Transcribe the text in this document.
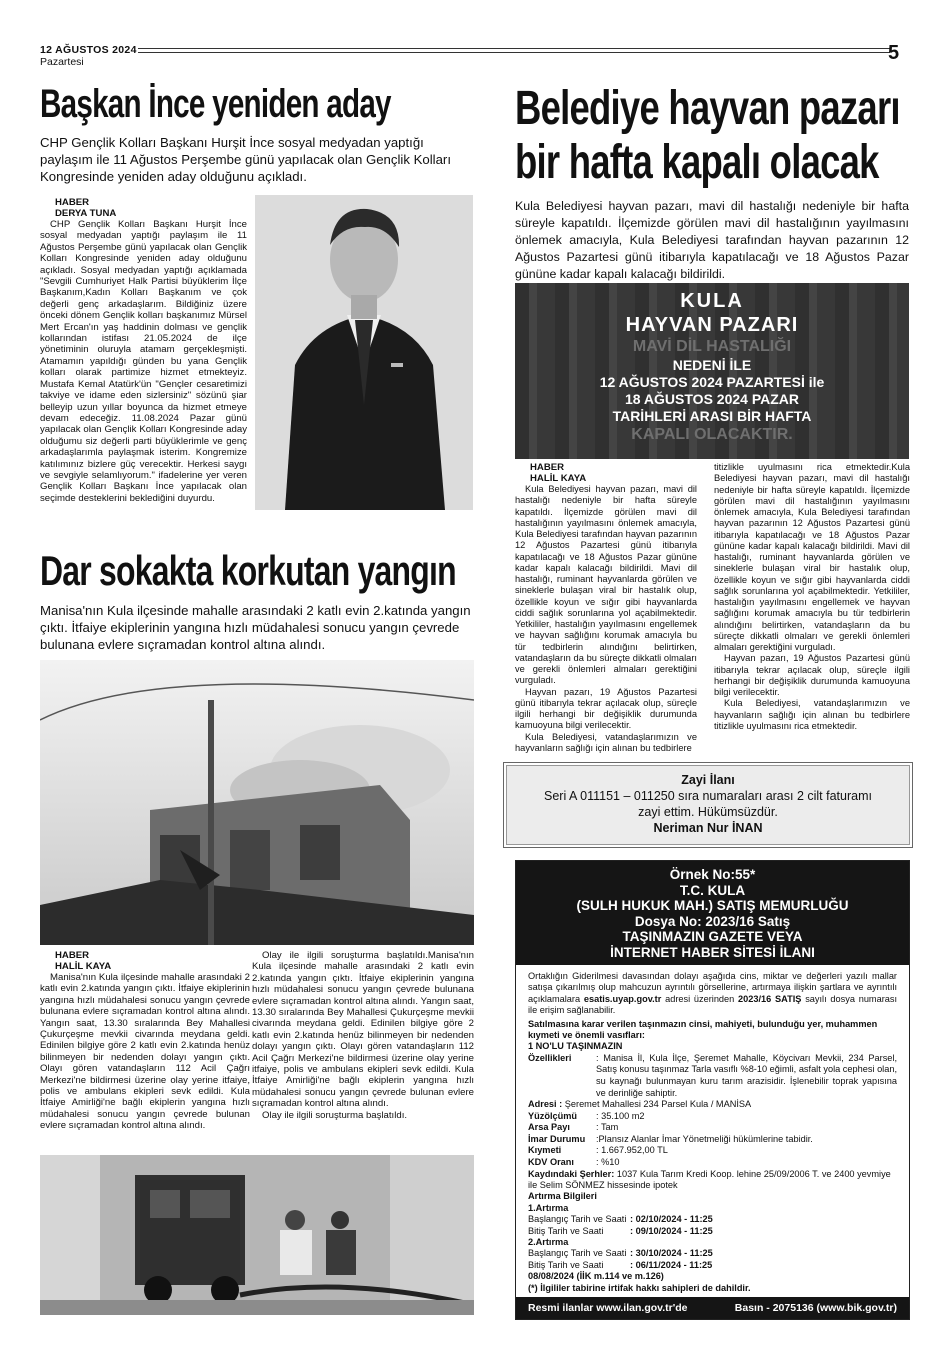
12 AĞUSTOS 2024
Pazartesi	5
Başkan İnce yeniden aday
CHP Gençlik Kolları Başkanı Hurşit İnce sosyal medyadan yaptığı paylaşım ile 11 Ağustos Perşembe günü yapılacak olan Gençlik Kolları Kongresinde yeniden aday olduğunu açıkladı.
HABER
DERYA TUNA

CHP Gençlik Kolları Başkanı Hurşit İnce sosyal medyadan yaptığı paylaşım ile 11 Ağustos Perşembe günü yapılacak olan Gençlik Kolları Kongresinde yeniden aday olduğunu açıkladı. Sosyal medyadan yaptığı açıklamada "Sevgili Cumhuriyet Halk Partisi büyüklerim İlçe Başkanım,Kadın Kolları Başkanım ve çok değerli genç arkadaşlarım. Bildiğiniz üzere önceki dönem Gençlik kolları başkanımız Mürsel Mert Ercan'ın yaş haddinin dolması ve gençlik kollarından istifası 21.05.2024 de ilçe yönetiminin oluruyla atamam gerçekleşmişti. Atamamın yapıldığı günden bu yana Gençlik kolları olarak partimize hizmet etmekteyiz. Mustafa Kemal Atatürk'ün "Gençler cesaretimizi takviye ve idame eden sizlersiniz" sözünü şiar belleyip uzun yıllar boyunca da hizmet etmeye devam edeceğiz. 11.08.2024 Pazar günü yapılacak olan Gençlik Kolları Kongresinde aday olduğumu siz değerli parti büyüklerimle ve genç arkadaşlarımla paylaşmak isterim. Kongremize katılımınız bizlere güç verecektir. Herkesi saygı ve sevgiyle selamlıyorum." ifadelerine yer veren Gençlik Kolları Başkanı İnce yapılacak olan seçimde desteklerini beklediğini duyurdu.

Belediye hayvan pazarı
bir hafta kapalı olacak
Kula Belediyesi hayvan pazarı, mavi dil hastalığı nedeniyle bir hafta süreyle kapatıldı. İlçemizde görülen mavi dil hastalığının yayılmasını önlemek amacıyla, Kula Belediyesi tarafından hayvan pazarının 12 Ağustos Pazartesi günü itibarıyla kapatılacağı ve 18 Ağustos Pazar gününe kadar kapalı kalacağı bildirildi.
KULA
HAYVAN PAZARI
MAVİ DİL HASTALIĞI
NEDENİ İLE
12 AĞUSTOS 2024 PAZARTESİ ile
18 AĞUSTOS 2024 PAZAR
TARİHLERİ ARASI BİR HAFTA
KAPALI OLACAKTIR.
HABER
HALİL KAYA

Kula Belediyesi hayvan pazarı, mavi dil hastalığı nedeniyle bir hafta süreyle kapatıldı. İlçemizde görülen mavi dil hastalığının yayılmasını önlemek amacıyla, Kula Belediyesi tarafından hayvan pazarının 12 Ağustos Pazartesi günü itibarıyla kapatılacağı ve 18 Ağustos Pazar gününe kadar kapalı kalacağı bildirildi. Mavi dil hastalığı, ruminant hayvanlarda görülen ve sineklerle bulaşan viral bir hastalık olup, özellikle koyun ve sığır gibi hayvanlarda ciddi sağlık sorunlarına yol açabilmektedir. Yetkililer, hastalığın yayılmasını engellemek ve hayvan sağlığını korumak amacıyla bu tür tedbirlerin alındığını belirtirken, vatandaşların da bu süreçte dikkatli olmaları ve gerekli önlemleri almaları gerektiğini vurguladı.

Hayvan pazarı, 19 Ağustos Pazartesi günü itibarıyla tekrar açılacak olup, süreçle ilgili herhangi bir değişiklik durumunda kamuoyuna bilgi verilecektir.

Kula Belediyesi, vatandaşlarımızın ve hayvanların sağlığı için alınan bu tedbirlere

titizlikle uyulmasını rica etmektedir.Kula Belediyesi hayvan pazarı, mavi dil hastalığı nedeniyle bir hafta süreyle kapatıldı. İlçemizde görülen mavi dil hastalığının yayılmasını önlemek amacıyla, Kula Belediyesi tarafından hayvan pazarının 12 Ağustos Pazartesi günü itibarıyla kapatılacağı ve 18 Ağustos Pazar gününe kadar kapalı kalacağı bildirildi. Mavi dil hastalığı, ruminant hayvanlarda görülen ve sineklerle bulaşan viral bir hastalık olup, özellikle koyun ve sığır gibi hayvanlarda ciddi sağlık sorunlarına yol açabilmektedir. Yetkililer, hastalığın yayılmasını engellemek ve hayvan sağlığını korumak amacıyla bu tür tedbirlerin alındığını belirtirken, vatandaşların da bu süreçte dikkatli olmaları ve gerekli önlemleri almaları gerektiğini vurguladı.

Hayvan pazarı, 19 Ağustos Pazartesi günü itibarıyla tekrar açılacak olup, süreçle ilgili herhangi bir değişiklik durumunda kamuoyuna bilgi verilecektir.

Kula Belediyesi, vatandaşlarımızın ve hayvanların sağlığı için alınan bu tedbirlere titizlikle uyulmasını rica etmektedir.

Dar sokakta korkutan yangın
Manisa'nın Kula ilçesinde mahalle arasındaki 2 katlı evin 2.katında yangın çıktı. İtfaiye ekiplerinin yangına hızlı müdahalesi sonucu yangın çevrede bulunana evlere sıçramadan kontrol altına alındı.
HABER
HALİL KAYA

Manisa'nın Kula ilçesinde mahalle arasındaki 2 katlı evin 2.katında yangın çıktı. İtfaiye ekiplerinin yangına hızlı müdahalesi sonucu yangın çevrede bulunana evlere sıçramadan kontrol altına alındı. Yangın saat, 13.30 sıralarında Bey Mahallesi Çukurçeşme mevkii civarında meydana geldi. Edinilen bilgiye göre 2 katlı evin 2.katında henüz bilinmeyen bir nedenden dolayı yangın çıktı. Olayı gören vatandaşların 112 Acil Çağrı Merkezi'ne bildirmesi üzerine olay yerine itfaiye, polis ve ambulans ekipleri sevk edildi. Kula İtfaiye Amirliği'ne bağlı ekiplerin yangına hızlı müdahalesi sonucu yangın çevrede bulunan evlere sıçramadan kontrol altına alındı.

Olay ile ilgili soruşturma başlatıldı.Manisa'nın Kula ilçesinde mahalle arasındaki 2 katlı evin 2.katında yangın çıktı. İtfaiye ekiplerinin yangına hızlı müdahalesi sonucu yangın çevrede bulunana evlere sıçramadan kontrol altına alındı. Yangın saat, 13.30 sıralarında Bey Mahallesi Çukurçeşme mevkii civarında meydana geldi. Edinilen bilgiye göre 2 katlı evin 2.katında henüz bilinmeyen bir nedenden dolayı yangın çıktı. Olayı gören vatandaşların 112 Acil Çağrı Merkezi'ne bildirmesi üzerine olay yerine itfaiye, polis ve ambulans ekipleri sevk edildi. Kula İtfaiye Amirliği'ne bağlı ekiplerin yangına hızlı müdahalesi sonucu yangın çevrede bulunan evlere sıçramadan kontrol altına alındı.

Olay ile ilgili soruşturma başlatıldı.

Zayi İlanı
Seri A 011151 – 011250 sıra numaraları arası 2 cilt faturamı
zayi ettim. Hükümsüzdür.
Neriman Nur İNAN
Örnek No:55*
T.C. KULA
(SULH HUKUK MAH.) SATIŞ MEMURLUĞU
Dosya No: 2023/16 Satış
TAŞINMAZIN GAZETE VEYA
İNTERNET HABER SİTESİ İLANI
Ortaklığın Giderilmesi davasından dolayı aşağıda cins, miktar ve değerleri yazılı mallar satışa çıkarılmış olup mahcuzun ayrıntılı görsellerine, artırmaya ilişkin şartlara ve ayrıntılı açıklamalara esatis.uyap.gov.tr adresi üzerinden 2023/16 SATIŞ sayılı dosya numarası ile erişim sağlanabilir.
Satılmasına karar verilen taşınmazın cinsi, mahiyeti, bulunduğu yer, muhammen kıymeti ve önemli vasıfları:
1 NO'LU TAŞINMAZIN
Özellikleri	: Manisa İl, Kula İlçe, Şeremet Mahalle, Köycivarı Mevkii, 234 Parsel, Satış konusu taşınmaz Tarla vasıflı %8-10 eğimli, asfalt yola cephesi olan, su kaynağı bulunmayan kuru tarım arazisidir. İşlenebilir toprak yapısına ve derinliğe sahiptir.
Adresi : Şeremet Mahallesi 234 Parsel Kula / MANİSA
Yüzölçümü	: 35.100 m2
Arsa Payı	: Tam
İmar Durumu	:Plansız Alanlar İmar Yönetmeliği hükümlerine tabidir.
Kıymeti	: 1.667.952,00 TL
KDV Oranı	: %10
Kaydındaki Şerhler: 1037 Kula Tarım Kredi Koop. lehine 25/09/2006 T. ve 2400 yevmiye ile Selim SÖNMEZ hissesinde ipotek
Artırma Bilgileri
1.Artırma
Başlangıç Tarih ve Saati : 02/10/2024 - 11:25
Bitiş Tarih ve Saati	: 09/10/2024 - 11:25
2.Artırma
Başlangıç Tarih ve Saati : 30/10/2024 - 11:25
Bitiş Tarih ve Saati	: 06/11/2024 - 11:25
08/08/2024 (İİK m.114 ve m.126)
(*) İlgililer tabirine irtifak hakkı sahipleri de dahildir.
Resmi ilanlar www.ilan.gov.tr'de	Basın - 2075136 (www.bik.gov.tr)
